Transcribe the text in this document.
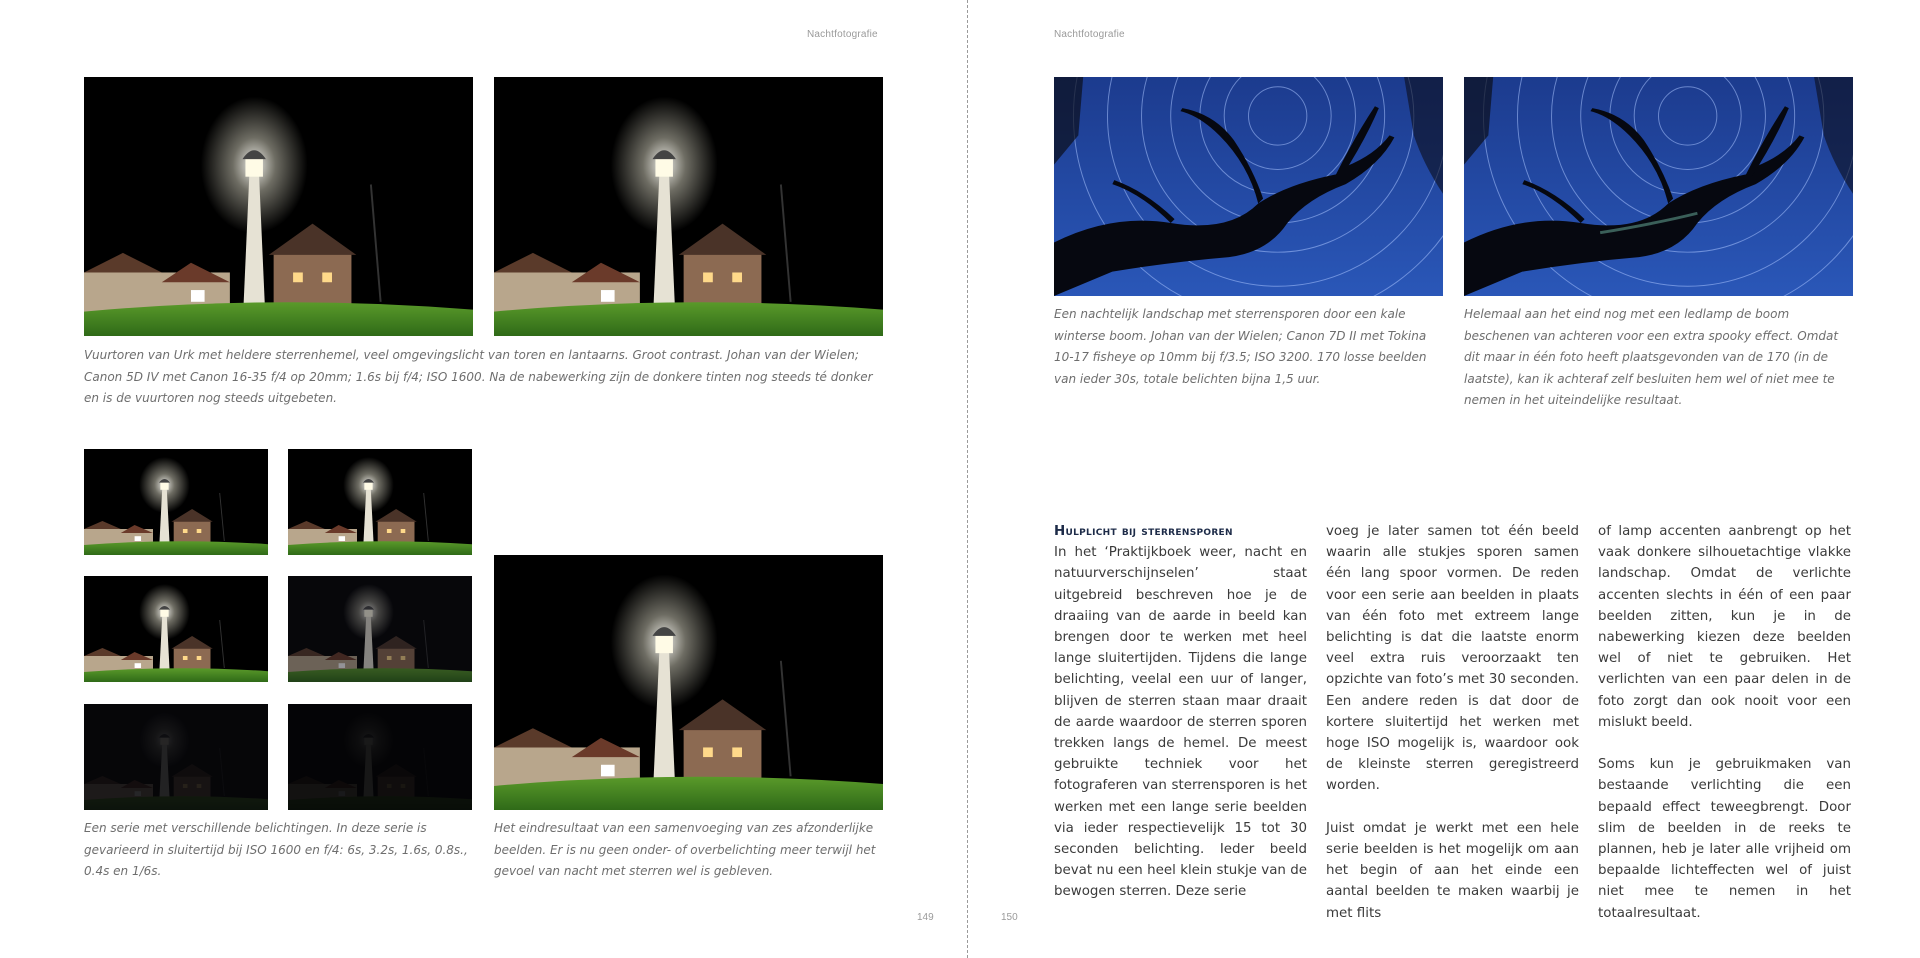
Nachtfotografie

Vuurtoren van Urk met heldere sterrenhemel, veel omgevingslicht van toren en lantaarns. Groot contrast. Johan van der Wielen; Canon 5D IV met Canon 16-35 f/4 op 20mm; 1.6s bij f/4; ISO 1600. Na de nabewerking zijn de donkere tinten nog steeds té donker en is de vuurtoren nog steeds uitgebeten.

Een serie met verschillende belichtingen. In deze serie is gevarieerd in sluitertijd bij ISO 1600 en f/4: 6s, 3.2s, 1.6s, 0.8s., 0.4s en 1/6s.

Het eindresultaat van een samenvoeging van zes afzonderlijke beelden. Er is nu geen onder- of overbelichting meer terwijl het gevoel van nacht met sterren wel is gebleven.

149
Nachtfotografie

Een nachtelijk landschap met sterrensporen door een kale winterse boom. Johan van der Wielen; Canon 7D II met Tokina 10-17 fisheye op 10mm bij f/3.5; ISO 3200. 170 losse beelden van ieder 30s, totale belichten bijna 1,5 uur.

Helemaal aan het eind nog met een ledlamp de boom beschenen van achteren voor een extra spooky effect. Omdat dit maar in één foto heeft plaatsgevonden van de 170 (in de laatste), kan ik achteraf zelf besluiten hem wel of niet mee te nemen in het uiteindelijke resultaat.

Hulplicht bij sterrensporen

In het ‘Praktijkboek weer, nacht en natuurverschijnselen’ staat uitgebreid beschreven hoe je de draaiing van de aarde in beeld kan brengen door te werken met heel lange sluitertijden. Tijdens die lange belichting, veelal een uur of langer, blijven de sterren staan maar draait de aarde waardoor de sterren sporen trekken langs de hemel. De meest gebruikte techniek voor het fotograferen van sterrensporen is het werken met een lange serie beelden via ieder respectievelijk 15 tot 30 seconden belichting. Ieder beeld bevat nu een heel klein stukje van de bewogen sterren. Deze serie

voeg je later samen tot één beeld waarin alle stukjes sporen samen één lang spoor vormen. De reden voor een serie aan beelden in plaats van één foto met extreem lange belichting is dat die laatste enorm veel extra ruis veroorzaakt ten opzichte van foto’s met 30 seconden. Een andere reden is dat door de kortere sluitertijd het werken met hoge ISO mogelijk is, waardoor ook de kleinste sterren geregistreerd worden.

Juist omdat je werkt met een hele serie beelden is het mogelijk om aan het begin of aan het einde een aantal beelden te maken waarbij je met flits

of lamp accenten aanbrengt op het vaak donkere silhouetachtige vlakke landschap. Omdat de verlichte accenten slechts in één of een paar beelden zitten, kun je in de nabewerking kiezen deze beelden wel of niet te gebruiken. Het verlichten van een paar delen in de foto zorgt dan ook nooit voor een mislukt beeld.

Soms kun je gebruikmaken van bestaande verlichting die een bepaald effect teweegbrengt. Door slim de beelden in de reeks te plannen, heb je later alle vrijheid om bepaalde lichteffecten wel of juist niet mee te nemen in het totaalresultaat.

150
